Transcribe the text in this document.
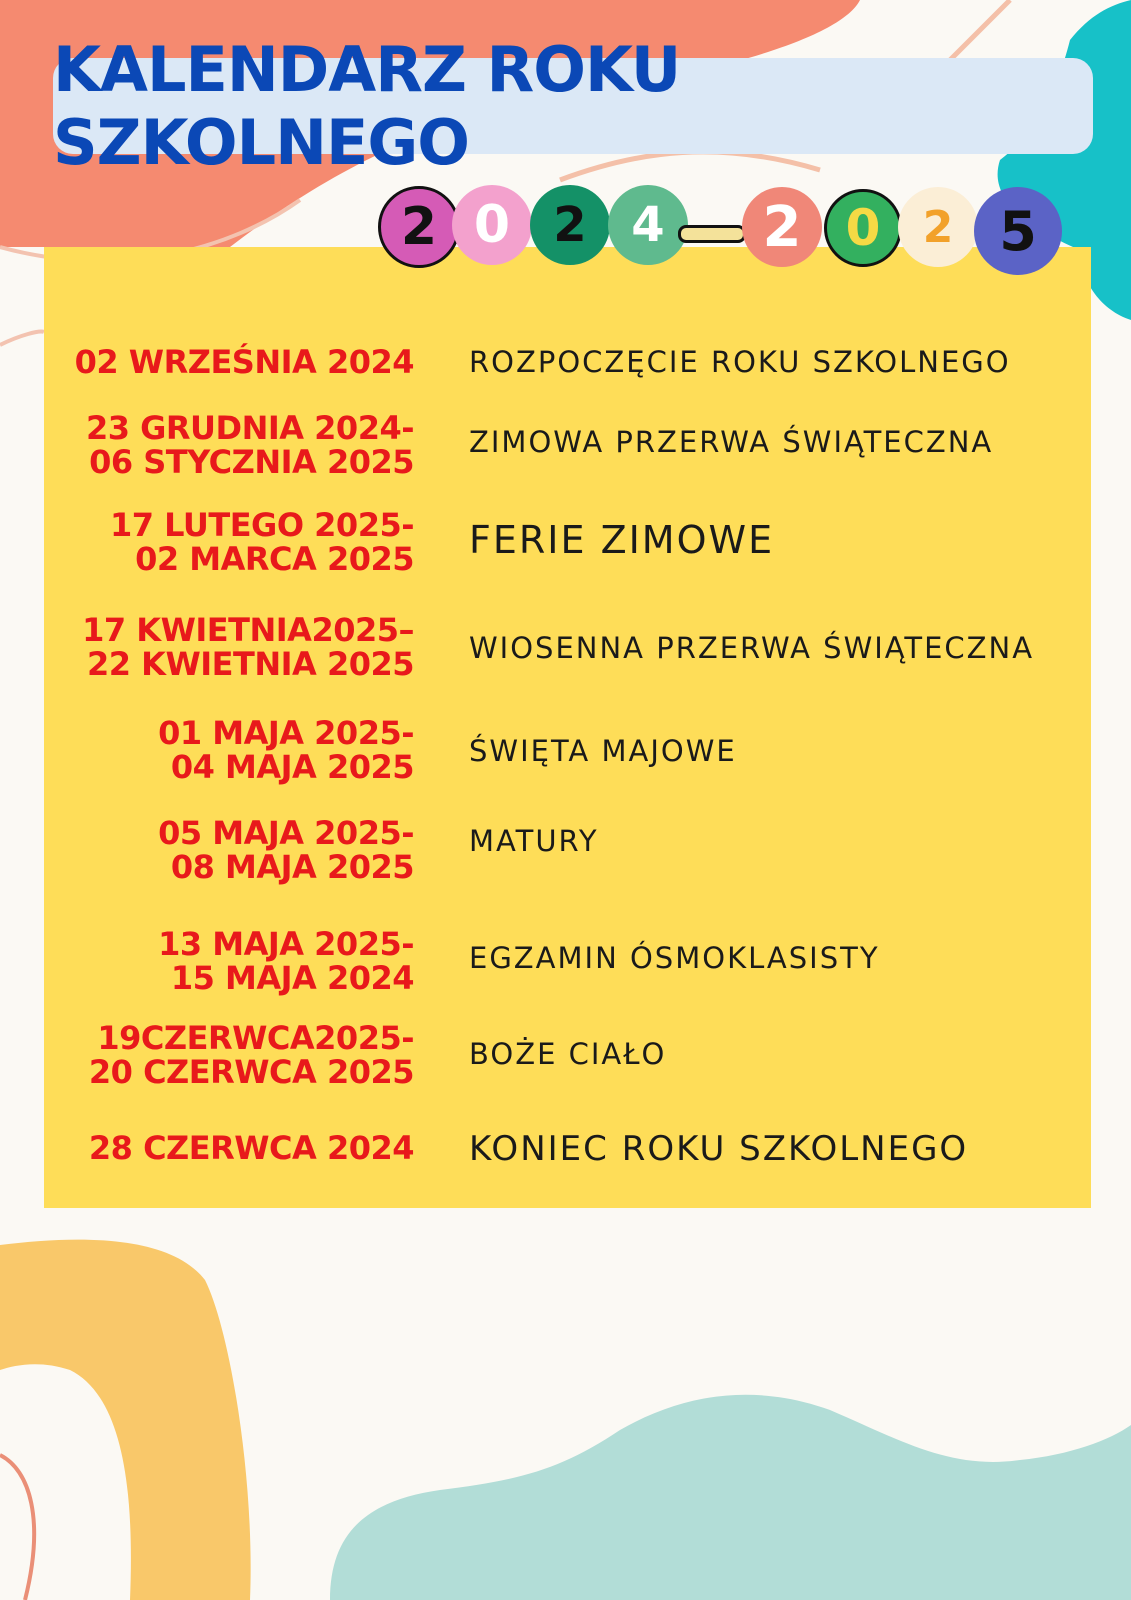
KALENDARZ ROKU SZKOLNEGO
2 0 2 4	2 0 2 5
02 WRZEŚNIA 2024 ROZPOCZĘCIE ROKU SZKOLNEGO
23 GRUDNIA 2024-
06 STYCZNIA 2025
ZIMOWA PRZERWA ŚWIĄTECZNA
17 LUTEGO 2025-
02 MARCA 2025 FERIE ZIMOWE
17 KWIETNIA2025–
22 KWIETNIA 2025 WIOSENNA PRZERWA ŚWIĄTECZNA
01 MAJA 2025-
04 MAJA 2025 ŚWIĘTA MAJOWE
05 MAJA 2025-
08 MAJA 2025
MATURY
13 MAJA 2025-
15 MAJA 2024
EGZAMIN ÓSMOKLASISTY
19CZERWCA2025-
20 CZERWCA 2025 BOŻE CIAŁO
28 CZERWCA 2024 KONIEC ROKU SZKOLNEGO
